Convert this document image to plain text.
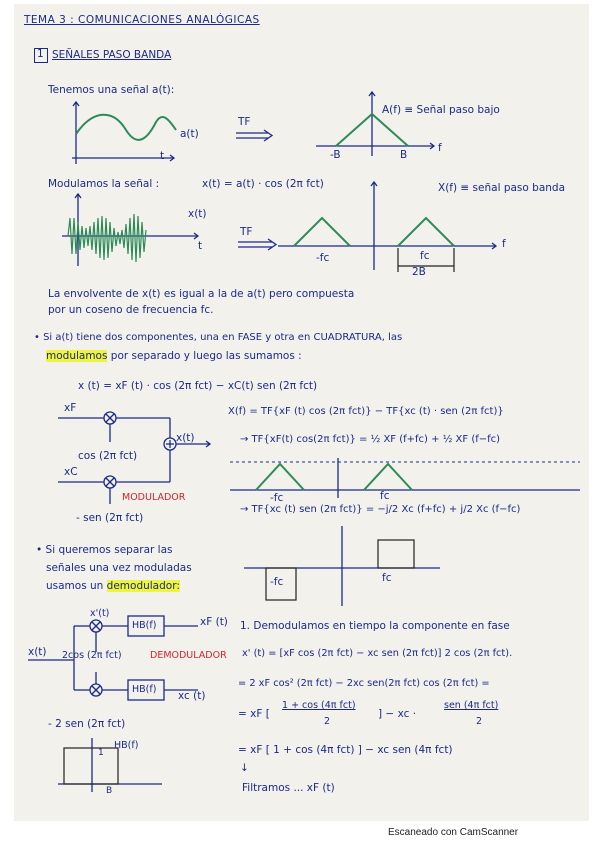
TEMA 3 : COMUNICACIONES ANALÓGICAS
1 SEÑALES PASO BANDA
Tenemos una señal a(t):
a(t)
t
TF
A(f) ≡ Señal paso bajo
-B	B
f
Modulamos la señal :	x(t) = a(t) · cos (2π fct)	X(f) ≡ señal paso banda
x(t)
t
TF
-fc	fc
2B
f
La envolvente de x(t) es igual a la de a(t) pero compuesta
por un coseno de frecuencia fc.
• Si a(t) tiene dos componentes, una en FASE y otra en CUADRATURA, las
modulamos por separado y luego las sumamos :
x (t) = xF (t) · cos (2π fct) − xC(t) sen (2π fct)
xF
xC
cos (2π fct)
x(t)
MODULADOR
- sen (2π fct)
X(f) = TF{xF (t) cos (2π fct)} − TF{xc (t) · sen (2π fct)}
→ TF{xF(t) cos(2π fct)} = ½ XF (f+fc) + ½ XF (f−fc)
-fc	fc
→ TF{xc (t) sen (2π fct)} = −j/2 Xc (f+fc) + j/2 Xc (f−fc)
-fc	fc
• Si queremos separar las
señales una vez moduladas
usamos un demodulador:
x'(t)
x(t) 2cos (2π fct)	DEMODULADOR
HB(f)
HB(f)
xF (t)
xc (t)
- 2 sen (2π fct)
HB(f)
1
B
1. Demodulamos en tiempo la componente en fase
x' (t) = [xF cos (2π fct) − xc sen (2π fct)] 2 cos (2π fct).
= 2 xF cos² (2π fct) − 2xc sen(2π fct) cos (2π fct) =
= xF [
1 + cos (4π fct)
2
] − xc ·
sen (4π fct)
2
= xF [ 1 + cos (4π fct) ] − xc sen (4π fct)
↓
Filtramos ... xF (t)
Escaneado con CamScanner
